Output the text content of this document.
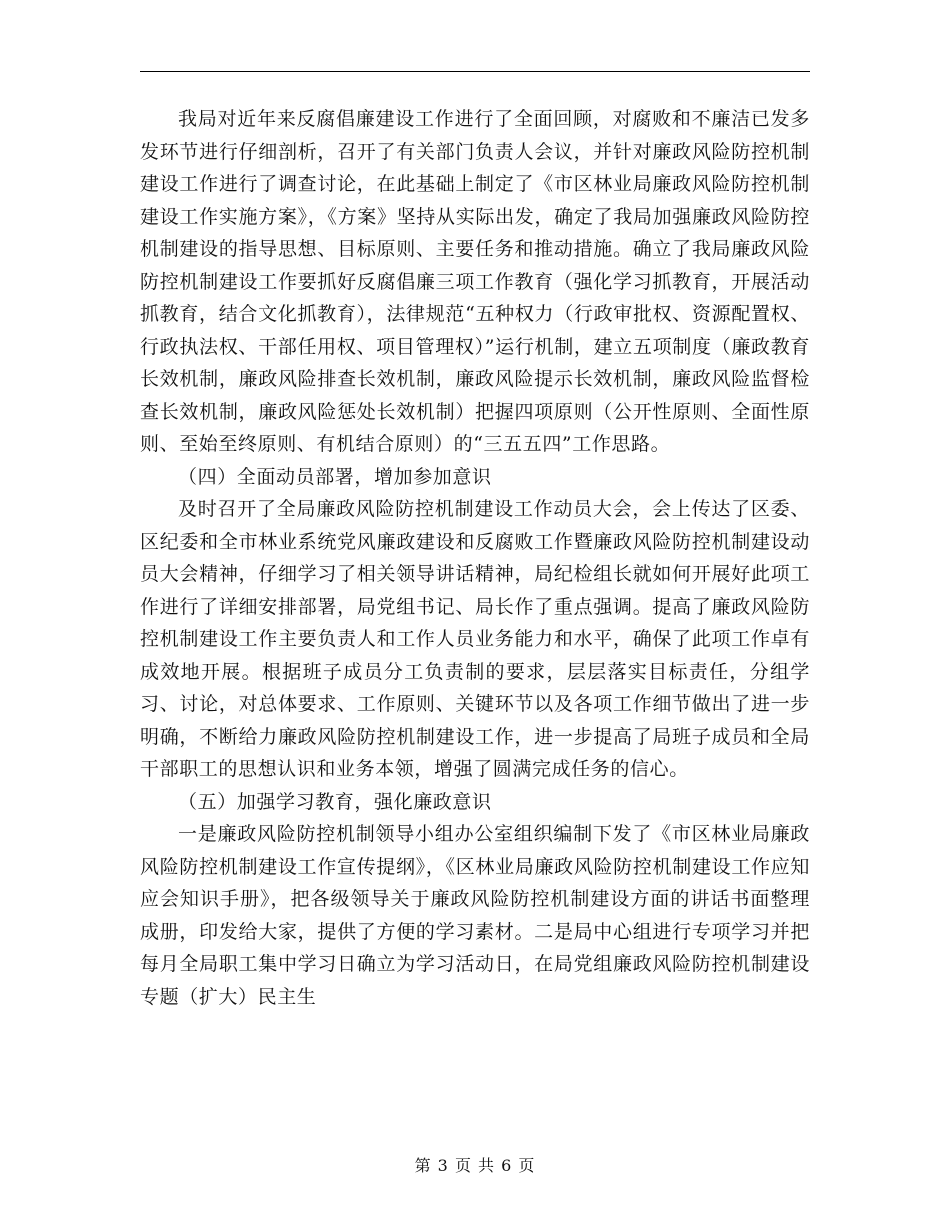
我局对近年来反腐倡廉建设工作进行了全面回顾，对腐败和不廉洁已发多发环节进行仔细剖析，召开了有关部门负责人会议，并针对廉政风险防控机制建设工作进行了调查讨论，在此基础上制定了《市区林业局廉政风险防控机制建设工作实施方案》，《方案》坚持从实际出发，确定了我局加强廉政风险防控机制建设的指导思想、目标原则、主要任务和推动措施。确立了我局廉政风险防控机制建设工作要抓好反腐倡廉三项工作教育（强化学习抓教育，开展活动抓教育，结合文化抓教育），法律规范“五种权力（行政审批权、资源配置权、行政执法权、干部任用权、项目管理权）”运行机制，建立五项制度（廉政教育长效机制，廉政风险排查长效机制，廉政风险提示长效机制，廉政风险监督检查长效机制，廉政风险惩处长效机制）把握四项原则（公开性原则、全面性原则、至始至终原则、有机结合原则）的“三五五四”工作思路。

（四）全面动员部署，增加参加意识

及时召开了全局廉政风险防控机制建设工作动员大会，会上传达了区委、区纪委和全市林业系统党风廉政建设和反腐败工作暨廉政风险防控机制建设动员大会精神，仔细学习了相关领导讲话精神，局纪检组长就如何开展好此项工作进行了详细安排部署，局党组书记、局长作了重点强调。提高了廉政风险防控机制建设工作主要负责人和工作人员业务能力和水平，确保了此项工作卓有成效地开展。根据班子成员分工负责制的要求，层层落实目标责任，分组学习、讨论，对总体要求、工作原则、关键环节以及各项工作细节做出了进一步明确，不断给力廉政风险防控机制建设工作，进一步提高了局班子成员和全局干部职工的思想认识和业务本领，增强了圆满完成任务的信心。

（五）加强学习教育，强化廉政意识

一是廉政风险防控机制领导小组办公室组织编制下发了《市区林业局廉政风险防控机制建设工作宣传提纲》，《区林业局廉政风险防控机制建设工作应知应会知识手册》，把各级领导关于廉政风险防控机制建设方面的讲话书面整理成册，印发给大家，提供了方便的学习素材。二是局中心组进行专项学习并把每月全局职工集中学习日确立为学习活动日，在局党组廉政风险防控机制建设专题（扩大）民主生

第 3 页 共 6 页
